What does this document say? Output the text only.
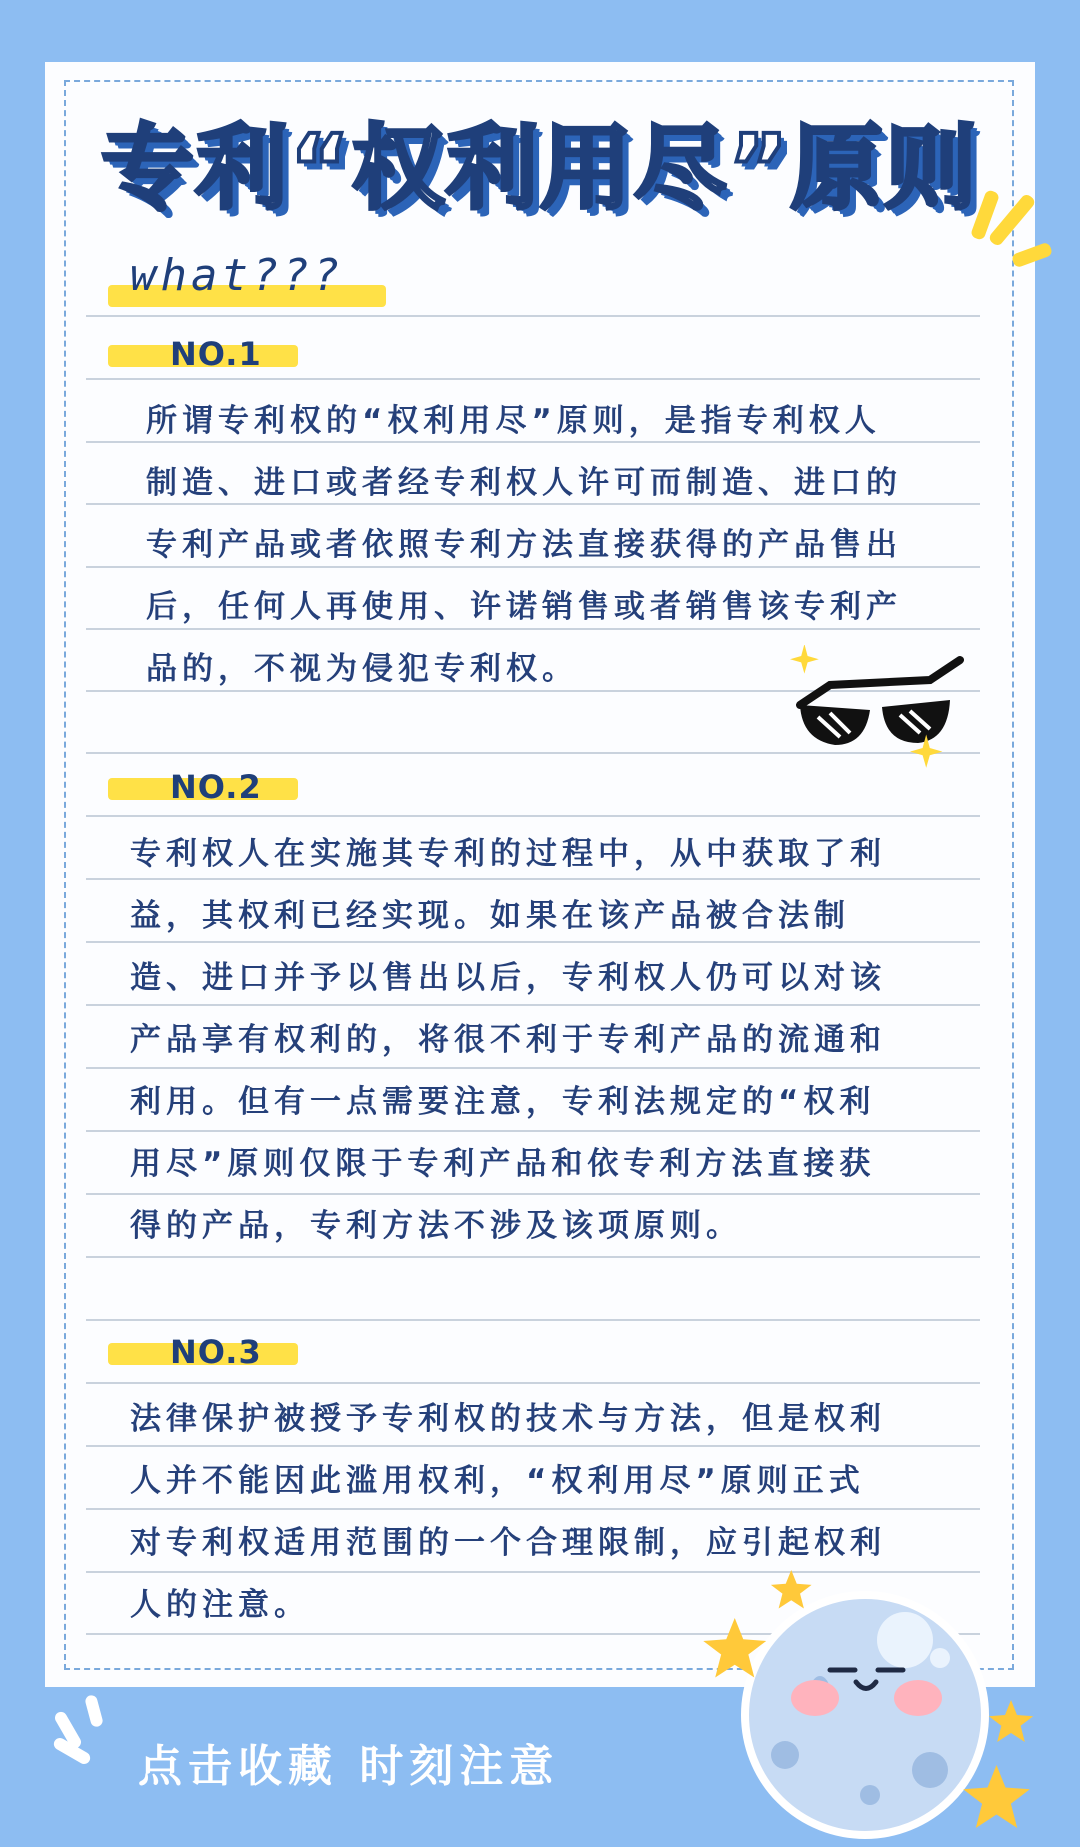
专利“权利用尽”原则
what???
NO.1
所谓专利权的“权利用尽”原则，是指专利权人
制造、进口或者经专利权人许可而制造、进口的
专利产品或者依照专利方法直接获得的产品售出
后，任何人再使用、许诺销售或者销售该专利产
品的，不视为侵犯专利权。
NO.2
专利权人在实施其专利的过程中，从中获取了利
益，其权利已经实现。如果在该产品被合法制
造、进口并予以售出以后，专利权人仍可以对该
产品享有权利的，将很不利于专利产品的流通和
利用。但有一点需要注意，专利法规定的“权利
用尽”原则仅限于专利产品和依专利方法直接获
得的产品，专利方法不涉及该项原则。
NO.3
法律保护被授予专利权的技术与方法，但是权利
人并不能因此滥用权利，“权利用尽”原则正式
对专利权适用范围的一个合理限制，应引起权利
人的注意。
点击收藏 时刻注意
